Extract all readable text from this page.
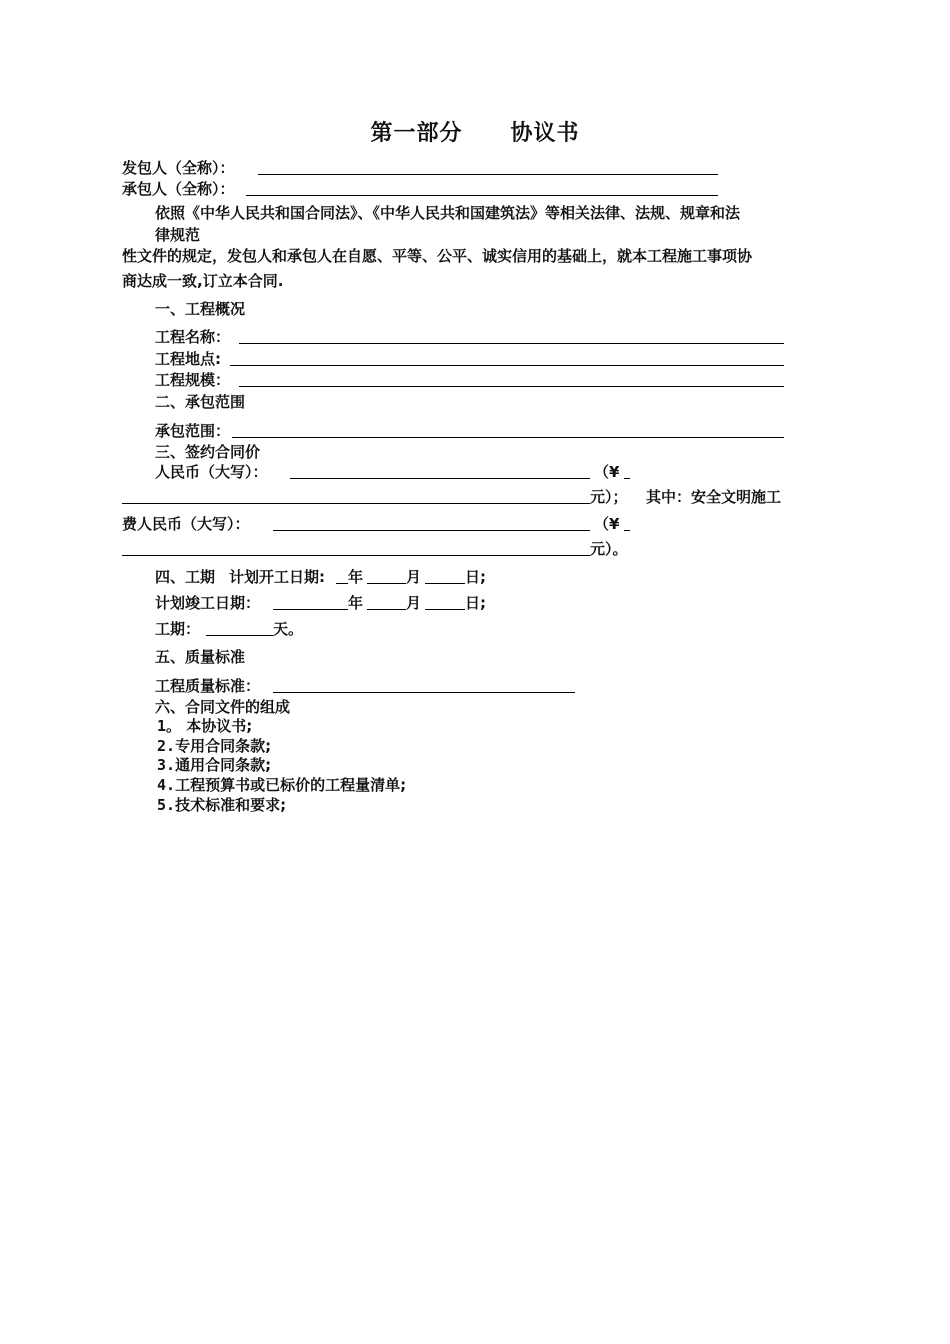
第一部分 协议书
发包人（全称）：
承包人（全称）：
依照《中华人民共和国合同法》、《中华人民共和国建筑法》等相关法律、法规、规章和法
律规范
性文件的规定，发包人和承包人在自愿、平等、公平、诚实信用的基础上，就本工程施工事项协
商达成一致,订立本合同.
一、工程概况
工程名称：
工程地点:
工程规模：
二、承包范围
承包范围：
三、签约合同价
人民币（大写）：	（¥
元）； 其中：安全文明施工
费人民币（大写）：	（¥
元）。
四、工期 计划开工日期: 年	月	日;
计划竣工日期：	年	月	日;
工期：	天。
五、质量标准
工程质量标准：
六、合同文件的组成
1。 本协议书;
2.专用合同条款;
3.通用合同条款;
4.工程预算书或已标价的工程量清单;
5.技术标准和要求;
